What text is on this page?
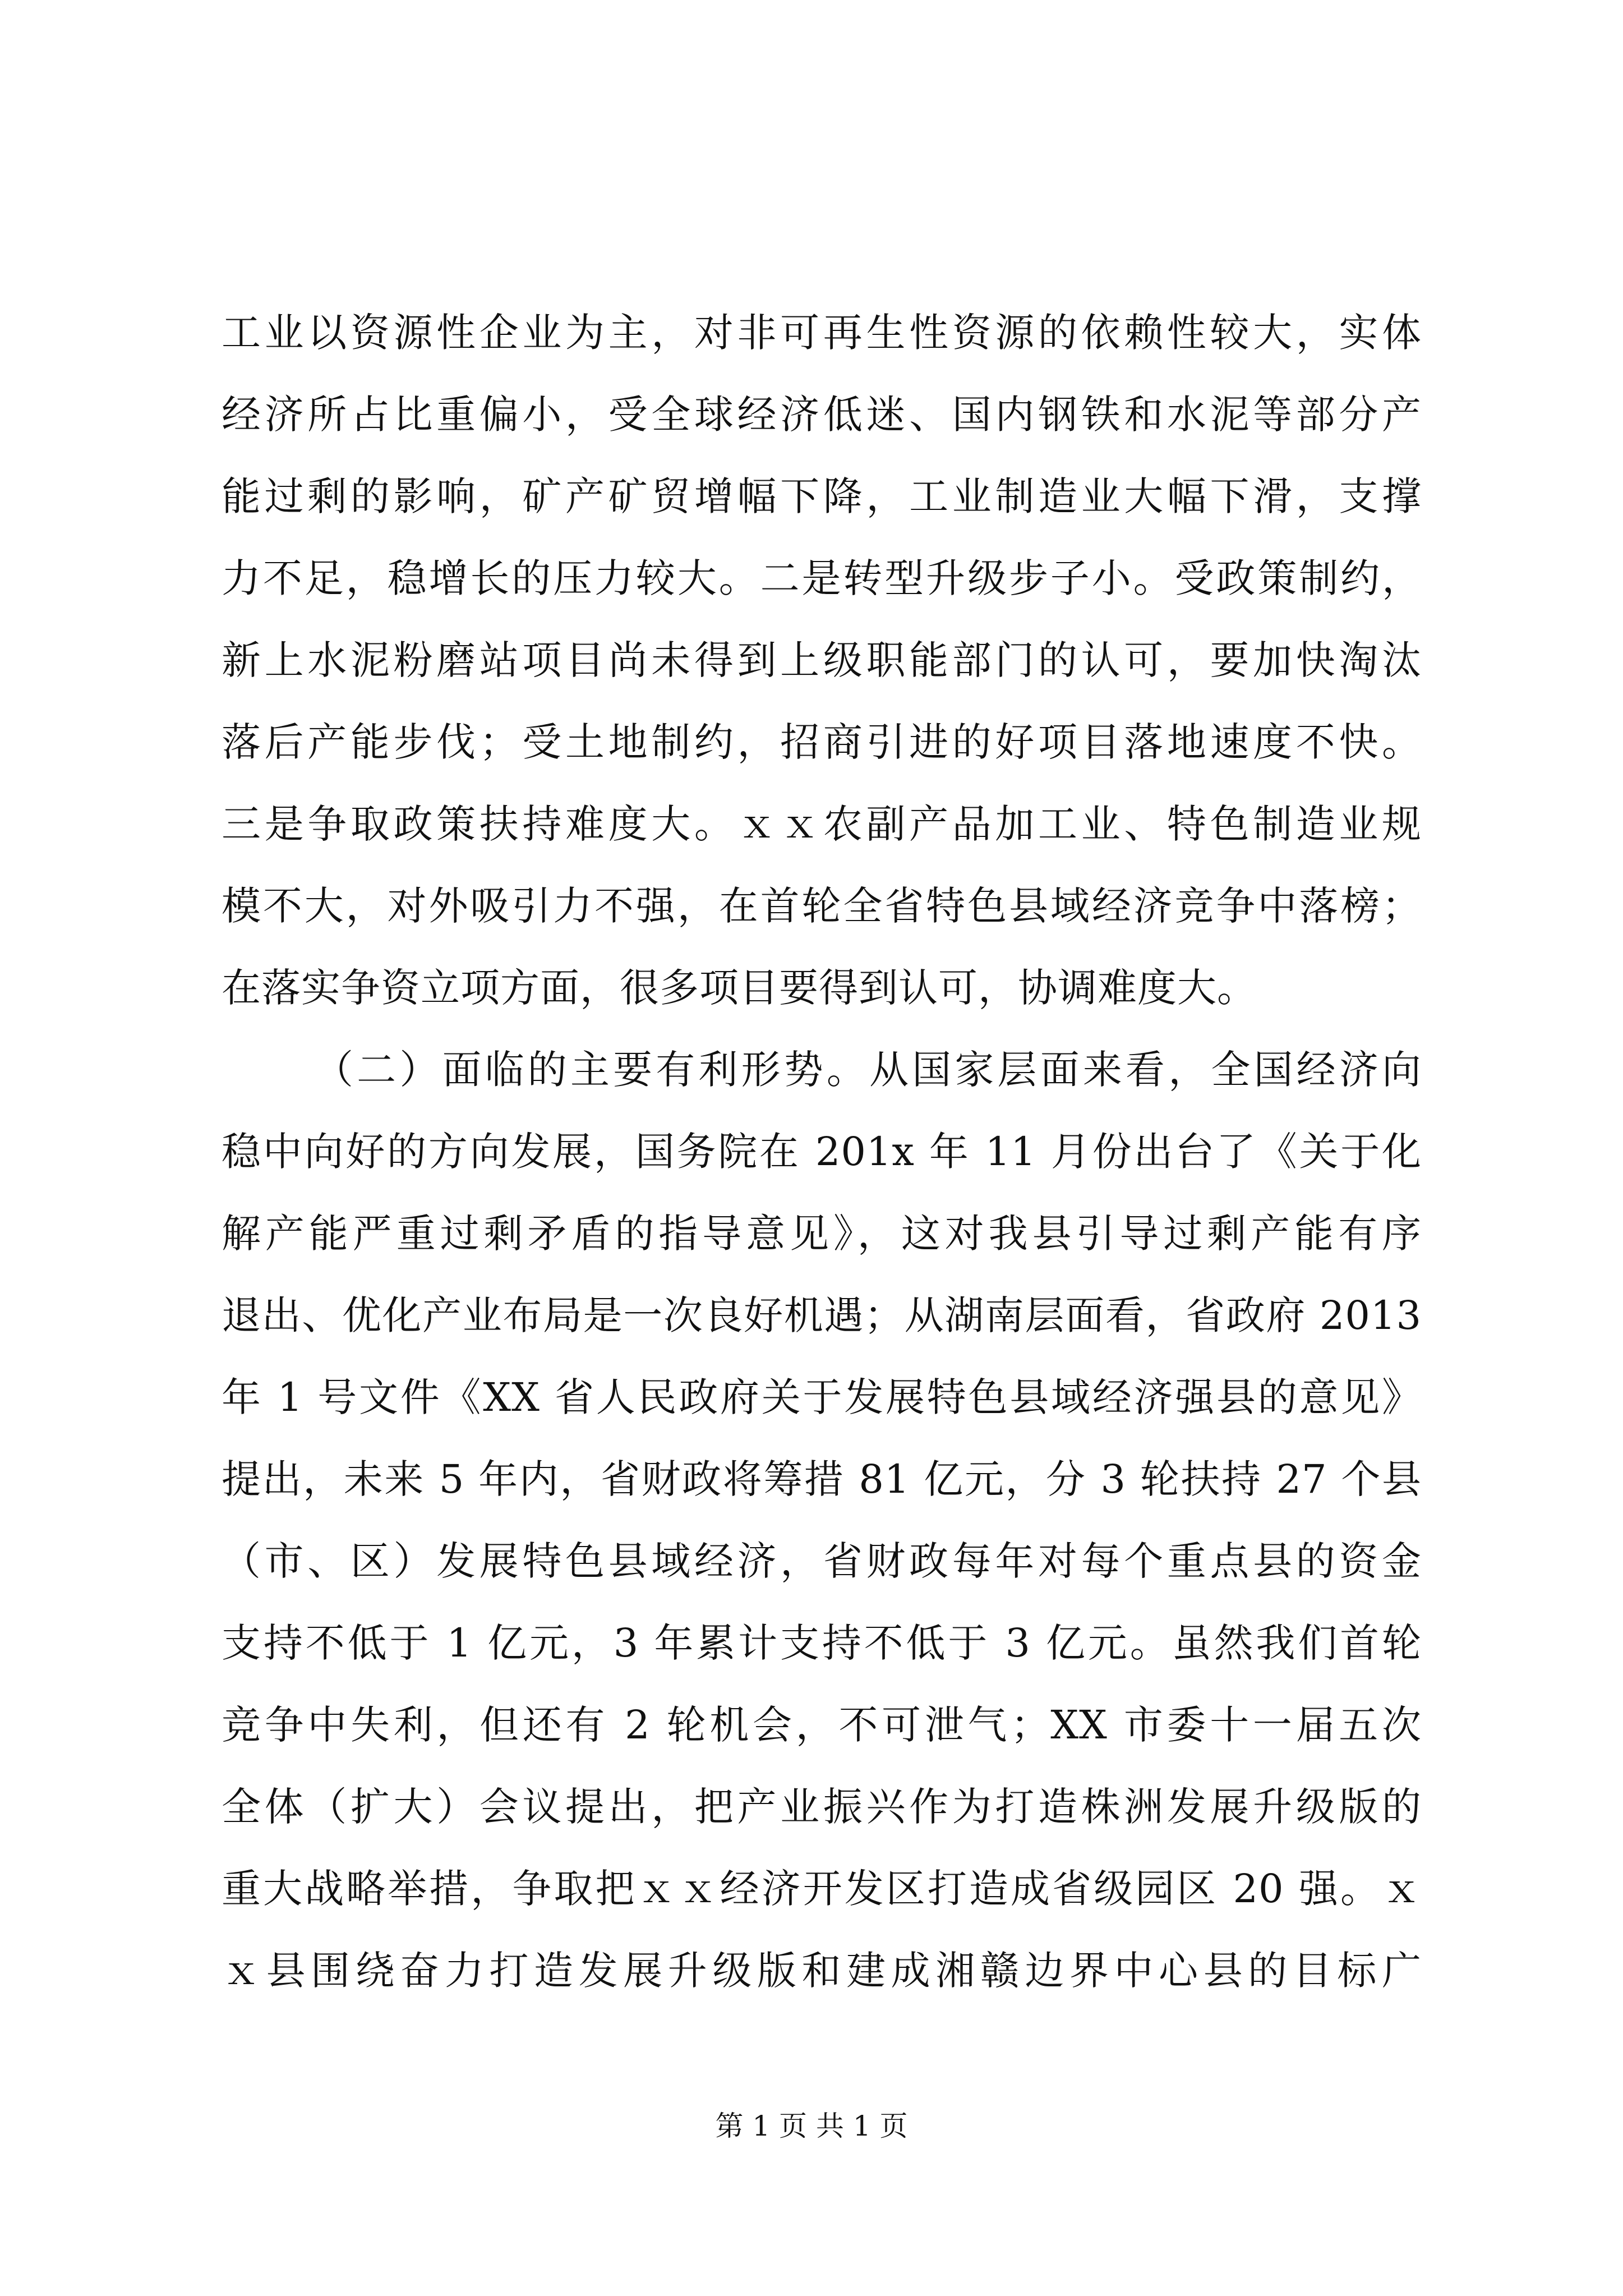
工业以资源性企业为主，对非可再生性资源的依赖性较大，实体
经济所占比重偏小，受全球经济低迷、国内钢铁和水泥等部分产
能过剩的影响，矿产矿贸增幅下降，工业制造业大幅下滑，支撑
力不足，稳增长的压力较大。二是转型升级步子小。受政策制约，
新上水泥粉磨站项目尚未得到上级职能部门的认可，要加快淘汰
落后产能步伐；受土地制约，招商引进的好项目落地速度不快。
三是争取政策扶持难度大。ｘｘ农副产品加工业、特色制造业规
模不大，对外吸引力不强，在首轮全省特色县域经济竞争中落榜；
在落实争资立项方面，很多项目要得到认可，协调难度大。
（二）面临的主要有利形势。从国家层面来看，全国经济向
稳中向好的方向发展，国务院在 201x 年 11 月份出台了《关于化
解产能严重过剩矛盾的指导意见》，这对我县引导过剩产能有序
退出、优化产业布局是一次良好机遇；从湖南层面看，省政府 2013
年 1 号文件《XX 省人民政府关于发展特色县域经济强县的意见》
提出，未来 5 年内，省财政将筹措 81 亿元，分 3 轮扶持 27 个县
（市、区）发展特色县域经济，省财政每年对每个重点县的资金
支持不低于 1 亿元，3 年累计支持不低于 3 亿元。虽然我们首轮
竞争中失利，但还有 2 轮机会，不可泄气；XX 市委十一届五次
全体（扩大）会议提出，把产业振兴作为打造株洲发展升级版的
重大战略举措，争取把ｘｘ经济开发区打造成省级园区 20 强。ｘ
ｘ县围绕奋力打造发展升级版和建成湘赣边界中心县的目标广
第 1 页 共 1 页
